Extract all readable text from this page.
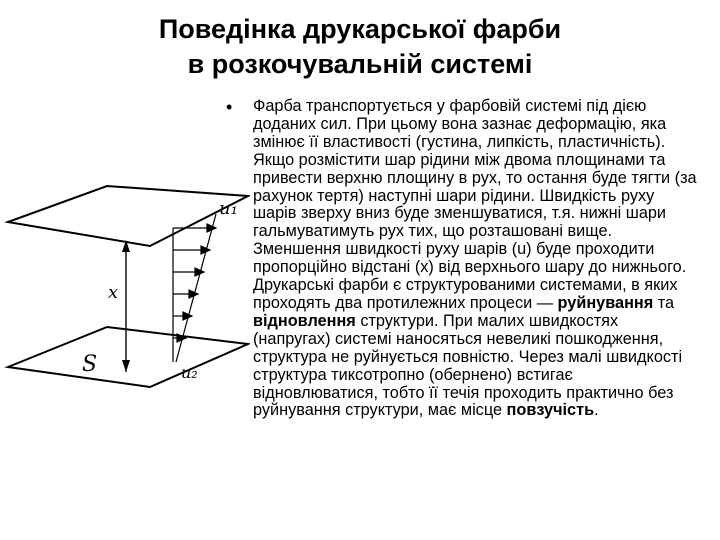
Поведінка друкарської фарби
в розкочувальній системі
u₁
x
S	u₂
• Фарба транспортується у фарбовій системі під дією доданих сил. При цьому вона зазнає деформацію, яка змінює її властивості (густина, липкість, пластичність).

Якщо розмістити шар рідини між двома площинами та привести верхню площину в рух, то остання буде тягти (за рахунок тертя) наступні шари рідини. Швидкість руху шарів зверху вниз буде зменшуватися, т.я. нижні шари гальмуватимуть рух тих, що розташовані вище. Зменшення швидкості руху шарів (u) буде проходити пропорційно відстані (х) від верхнього шару до нижнього.

Друкарські фарби є структурованими системами, в яких проходять два протилежних процеси — руйнування та відновлення структури. При малих швидкостях (напругах) системі наносяться невеликі пошкодження, структура не руйнується повністю. Через малі швидкості структура тиксотропно (обернено) встигає відновлюватися, тобто її течія проходить практично без руйнування структури, має місце повзучість.
